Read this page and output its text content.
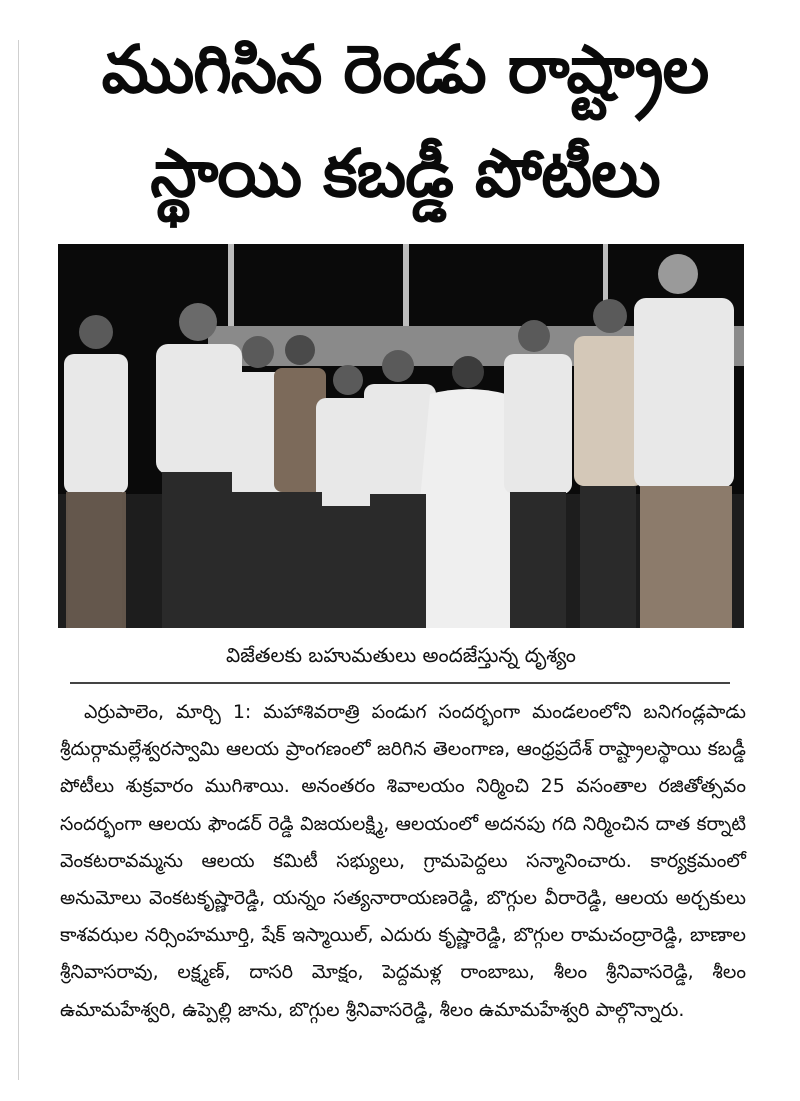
ముగిసిన రెండు రాష్ట్రాల
స్థాయి కబడ్డీ పోటీలు

విజేతలకు బహుమతులు అందజేస్తున్న దృశ్యం

ఎర్రుపాలెం, మార్చి 1: మహాశివరాత్రి పండుగ సందర్భంగా మండలంలోని బనిగండ్లపాడు శ్రీదుర్గామల్లేశ్వరస్వామి ఆలయ ప్రాంగణంలో జరిగిన తెలంగాణ, ఆంధ్రప్రదేశ్ రాష్ట్రాలస్థాయి కబడ్డీ పోటీలు శుక్రవారం ముగిశాయి. అనంతరం శివాలయం నిర్మించి 25 వసంతాల రజితోత్సవం సందర్భంగా ఆలయ ఫౌండర్ రెడ్డి విజయలక్ష్మి, ఆలయంలో అదనపు గది నిర్మించిన దాత కర్నాటి వెంకటరావమ్మను ఆలయ కమిటీ సభ్యులు, గ్రామపెద్దలు సన్మానించారు. కార్యక్రమంలో అనుమోలు వెంకటకృష్ణారెడ్డి, యన్నం సత్యనారాయణరెడ్డి, బొగ్గుల వీరారెడ్డి, ఆలయ అర్చకులు కాశవఝల నర్సింహమూర్తి, షేక్ ఇస్మాయిల్, ఎదురు కృష్ణారెడ్డి, బొగ్గుల రామచంద్రారెడ్డి, బాణాల శ్రీనివాసరావు, లక్ష్మణ్, దాసరి మోక్షం, పెద్దమళ్ల రాంబాబు, శీలం శ్రీనివాసరెడ్డి, శీలం ఉమామహేశ్వరి, ఉప్పెల్లి జాను, బొగ్గుల శ్రీనివాసరెడ్డి, శీలం ఉమామహేశ్వరి పాల్గొన్నారు.
